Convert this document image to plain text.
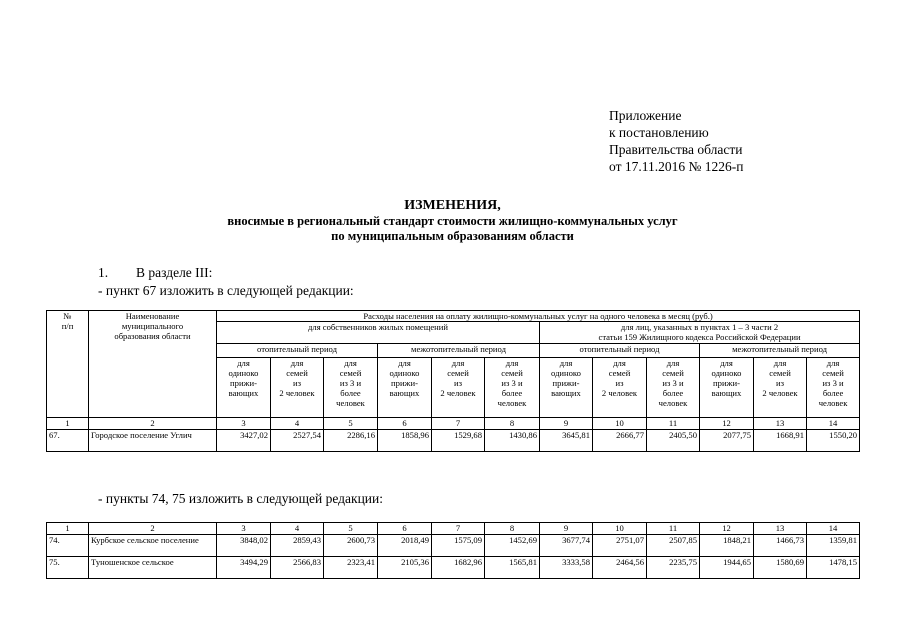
Приложение
к постановлению
Правительства области
от 17.11.2016 № 1226-п
ИЗМЕНЕНИЯ,
вносимые в региональный стандарт стоимости жилищно-коммунальных услуг
по муниципальным образованиям области
1. В разделе III:
- пункт 67 изложить в следующей редакции:
№
п/п	Наименование
муниципального
образования области	Расходы населения на оплату жилищно-коммунальных услуг на одного человека в месяц (руб.)											
		для собственников жилых помещений						для лиц, указанных в пунктах 1 – 3 части 2
статьи 159 Жилищного кодекса Российской Федерации					
		отопительный период			межотопительный период			отопительный период			межотопительный период		
		для
одиноко
прижи-
вающих	для
семей
из
2 человек	для
семей
из 3 и
более
человек	для
одиноко
прижи-
вающих	для
семей
из
2 человек	для
семей
из 3 и
более
человек	для
одиноко
прижи-
вающих	для
семей
из
2 человек	для
семей
из 3 и
более
человек	для
одиноко
прижи-
вающих	для
семей
из
2 человек	для
семей
из 3 и
более
человек
1	2	3	4	5	6	7	8	9	10	11	12	13	14
67.	Городское поселение Углич	3427,02	2527,54	2286,16	1858,96	1529,68	1430,86	3645,81	2666,77	2405,50	2077,75	1668,91	1550,20
- пункты 74, 75 изложить в следующей редакции:
1	2	3	4	5	6	7	8	9	10	11	12	13	14
74.	Курбское сельское поселение	3848,02	2859,43	2600,73	2018,49	1575,09	1452,69	3677,74	2751,07	2507,85	1848,21	1466,73	1359,81
75.	Туношенское сельское	3494,29	2566,83	2323,41	2105,36	1682,96	1565,81	3333,58	2464,56	2235,75	1944,65	1580,69	1478,15
